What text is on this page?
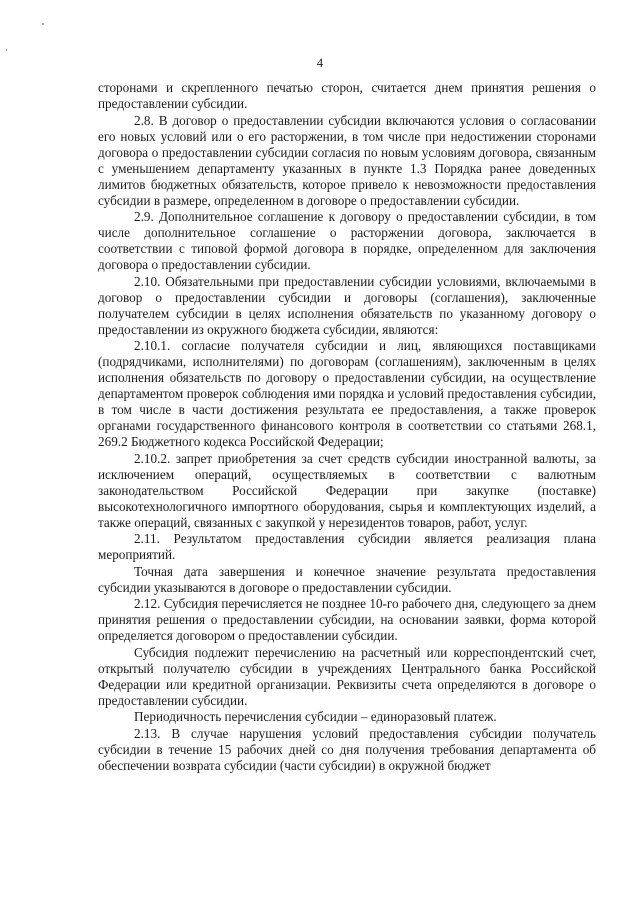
4

сторонами и скрепленного печатью сторон, считается днем принятия решения о предоставлении субсидии.

2.8. В договор о предоставлении субсидии включаются условия о согласовании его новых условий или о его расторжении, в том числе при недостижении сторонами договора о предоставлении субсидии согласия по новым условиям договора, связанным с уменьшением департаменту указанных в пункте 1.3 Порядка ранее доведенных лимитов бюджетных обязательств, которое привело к невозможности предоставления субсидии в размере, определенном в договоре о предоставлении субсидии.

2.9. Дополнительное соглашение к договору о предоставлении субсидии, в том числе дополнительное соглашение о расторжении договора, заключается в соответствии с типовой формой договора в порядке, определенном для заключения договора о предоставлении субсидии.

2.10. Обязательными при предоставлении субсидии условиями, включаемыми в договор о предоставлении субсидии и договоры (соглашения), заключенные получателем субсидии в целях исполнения обязательств по указанному договору о предоставлении из окружного бюджета субсидии, являются:

2.10.1. согласие получателя субсидии и лиц, являющихся поставщиками (подрядчиками, исполнителями) по договорам (соглашениям), заключенным в целях исполнения обязательств по договору о предоставлении субсидии, на осуществление департаментом проверок соблюдения ими порядка и условий предоставления субсидии, в том числе в части достижения результата ее предоставления, а также проверок органами государственного финансового контроля в соответствии со статьями 268.1, 269.2 Бюджетного кодекса Российской Федерации;

2.10.2. запрет приобретения за счет средств субсидии иностранной валюты, за исключением операций, осуществляемых в соответствии с валютным законодательством Российской Федерации при закупке (поставке) высокотехнологичного импортного оборудования, сырья и комплектующих изделий, а также операций, связанных с закупкой у нерезидентов товаров, работ, услуг.

2.11. Результатом предоставления субсидии является реализация плана мероприятий.

Точная дата завершения и конечное значение результата предоставления субсидии указываются в договоре о предоставлении субсидии.

2.12. Субсидия перечисляется не позднее 10-го рабочего дня, следующего за днем принятия решения о предоставлении субсидии, на основании заявки, форма которой определяется договором о предоставлении субсидии.

Субсидия подлежит перечислению на расчетный или корреспондентский счет, открытый получателю субсидии в учреждениях Центрального банка Российской Федерации или кредитной организации. Реквизиты счета определяются в договоре о предоставлении субсидии.

Периодичность перечисления субсидии – единоразовый платеж.

2.13. В случае нарушения условий предоставления субсидии получатель субсидии в течение 15 рабочих дней со дня получения требования департамента об обеспечении возврата субсидии (части субсидии) в окружной бюджет
